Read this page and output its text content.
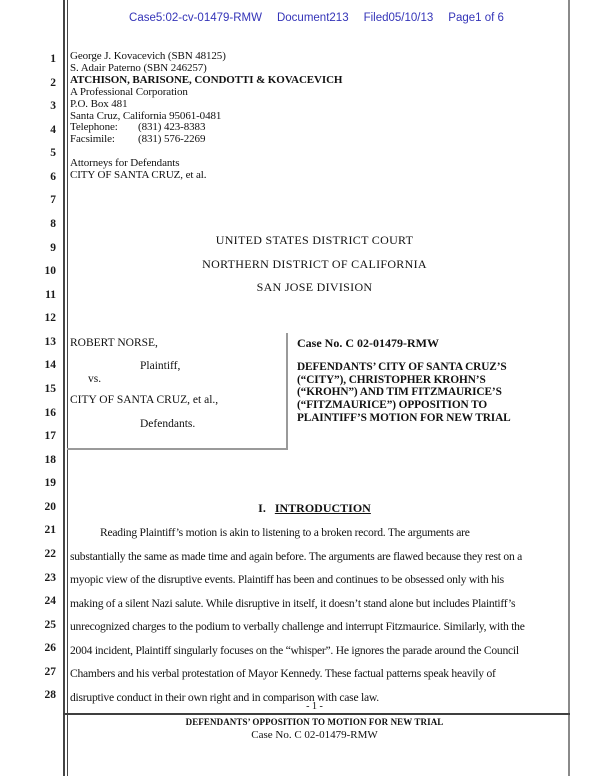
Case5:02-cv-01479-RMW Document213 Filed05/10/13 Page1 of 6
1
2
3
4
5
6
7
8
9
10
11
12
13
14
15
16
17
18
19
20
21
22
23
24
25
26
27
28
George J. Kovacevich (SBN 48125)
S. Adair Paterno (SBN 246257)
ATCHISON, BARISONE, CONDOTTI & KOVACEVICH
A Professional Corporation
P.O. Box 481
Santa Cruz, California 95061-0481
Telephone: (831) 423-8383
Facsimile: (831) 576-2269

Attorneys for Defendants
CITY OF SANTA CRUZ, et al.
UNITED STATES DISTRICT COURT
NORTHERN DISTRICT OF CALIFORNIA
SAN JOSE DIVISION
ROBERT NORSE,
Plaintiff,
vs.
CITY OF SANTA CRUZ, et al.,
Defendants.
Case No. C 02-01479-RMW
DEFENDANTS’ CITY OF SANTA CRUZ’S
(“CITY”), CHRISTOPHER KROHN’S
(“KROHN”) AND TIM FITZMAURICE’S
(“FITZMAURICE”) OPPOSITION TO
PLAINTIFF’S MOTION FOR NEW TRIAL
I. INTRODUCTION
Reading Plaintiff’s motion is akin to listening to a broken record. The arguments are
substantially the same as made time and again before. The arguments are flawed because they rest on a
myopic view of the disruptive events. Plaintiff has been and continues to be obsessed only with his
making of a silent Nazi salute. While disruptive in itself, it doesn’t stand alone but includes Plaintiff’s
unrecognized charges to the podium to verbally challenge and interrupt Fitzmaurice. Similarly, with the
2004 incident, Plaintiff singularly focuses on the “whisper”. He ignores the parade around the Council
Chambers and his verbal protestation of Mayor Kennedy. These factual patterns speak heavily of
disruptive conduct in their own right and in comparison with case law.
- 1 -
DEFENDANTS’ OPPOSITION TO MOTION FOR NEW TRIAL
Case No. C 02-01479-RMW
